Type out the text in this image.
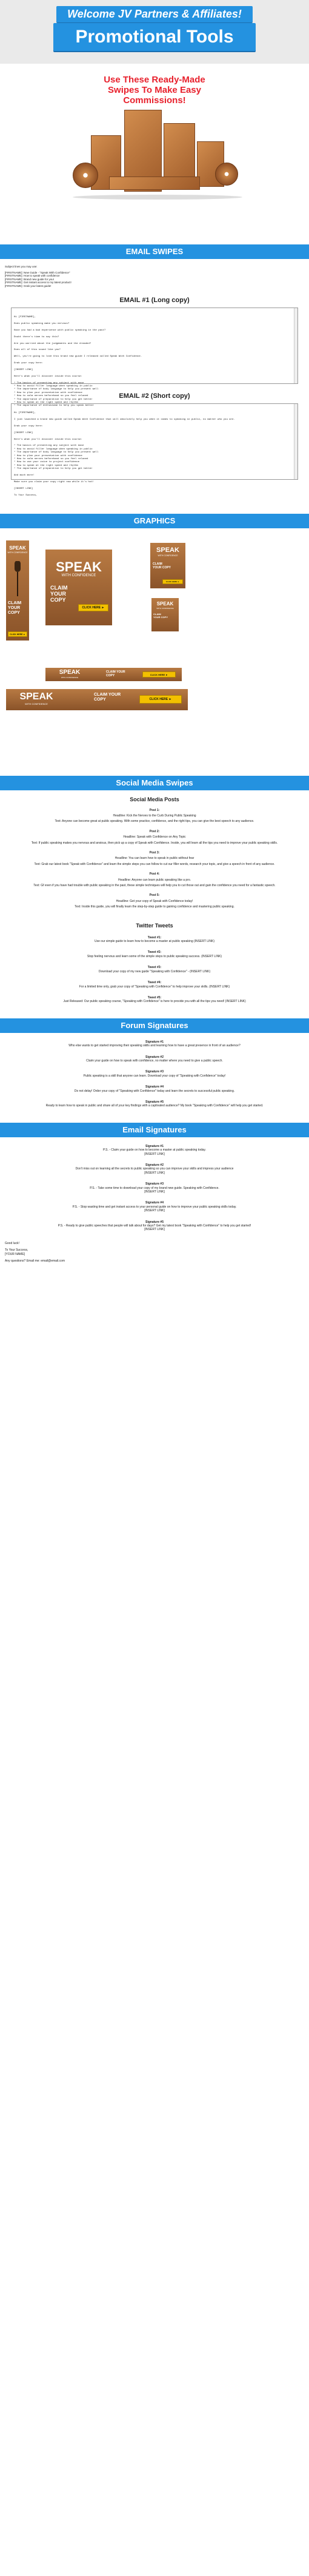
Welcome JV Partners & Affiliates!
Promotional Tools
Use These Ready-Made Swipes To Make Easy Commissions!
EMAIL SWIPES
Subject lines you may use:
[FIRSTNAME]: New Guide - "Speak With Confidence"
[FIRSTNAME]: How to speak with confidence
[FIRSTNAME]: Brand new guide for you!
[FIRSTNAME]: Get instant access to my latest product!
[FIRSTNAME]: Grab your latest guide!
EMAIL #1 (Long copy)

Hi [FIRSTNAME],

Does public speaking make you nervous?

Have you had a bad experience with public speaking in the past?

Doubt there's time to say this?

Are you worried about the judgements and the dreaded?

Does all of this sound like you?

Well, you're going to love this brand new guide I released called Speak With Confidence.

Grab your copy here:

[INSERT LINK]

Here's what you'll discover inside this course:

* The basics of presenting any subject with ease
* How to avoid filler language when speaking in public
* The importance of body language to help you present well
* How to plan your presentation with confidence
* How to calm nerves beforehand so you feel relaxed
* The importance of preparation to help you get better
* How to speak at the right speed and rhythm
* The importance of enthusiasm to help you speak better

EMAIL #2 (Short copy)

Hi [FIRSTNAME],

I just launched a brand new guide called Speak With Confidence that will absolutely help you when it comes to speaking in public, no matter who you are.

Grab your copy here:

[INSERT LINK]

Here's what you'll discover inside this course:

* The basics of presenting any subject with ease
* How to avoid filler language when speaking in public
* The importance of body language to help you present well
* How to plan your presentation with confidence
* How to calm nerves beforehand so you feel relaxed
* How to use your voice to project confidence
* How to speak at the right speed and rhythm
* The importance of preparation to help you get better

And much more!

Make sure you claim your copy right now while it's hot!

[INSERT LINK]

To Your Success,

GRAPHICS
SPEAK
WITH CONFIDENCE
CLAIM YOUR COPY
CLICK HERE ►
SPEAK
WITH CONFIDENCE
CLAIM YOUR COPY
CLICK HERE ►
SPEAK
WITH CONFIDENCE
CLAIM YOUR COPY
CLICK HERE ►
SPEAK
WITH CONFIDENCE
CLAIM YOUR COPY
SPEAK
WITH CONFIDENCE
CLAIM YOUR COPY	CLICK HERE ►
SPEAK
WITH CONFIDENCE
CLAIM YOUR COPY	CLICK HERE ►
Social Media Swipes
Social Media Posts
Post 1:
Headline: Kick the Nerves to the Curb During Public Speaking
Text: Anyone can become great at public speaking. With some practice, confidence, and the right tips, you can give the best speech to any audience.
Post 2:
Headline: Speak with Confidence on Any Topic
Text: If public speaking makes you nervous and anxious, then pick up a copy of Speak with Confidence. Inside, you will learn all the tips you need to improve your public speaking skills.
Post 3:
Headline: You can learn how to speak in public without fear
Text: Grab our latest book "Speak with Confidence" and learn the simple steps you can follow to cut our filler words, research your topic, and give a speech in front of any audience.
Post 4:
Headline: Anyone can learn public speaking like a pro.
Text: Gf even if you have had trouble with public speaking in the past, these simple techniques will help you to cut those out and gain the confidence you need for a fantastic speech.
Post 5:
Headline: Get your copy of Speak with Confidence today!
Text: Inside this guide, you will finally learn the step-by-step guide to gaining confidence and mastering public speaking.
Twitter Tweets
Tweet #1:
Use our simple guide to learn how to become a master at public speaking (INSERT LINK)
Tweet #2:
Stop feeling nervous and learn some of the simple steps to public speaking success. (INSERT LINK)
Tweet #3:
Download your copy of my new guide "Speaking with Confidence" - (INSERT LINK)
Tweet #4:
For a limited time only, grab your copy of "Speaking with Confidence" to help improve your skills. (INSERT LINK)
Tweet #5:
Just Released: Our public speaking course, "Speaking with Confidence" is here to provide you with all the tips you need! (INSERT LINK)
Forum Signatures
Signature #1
Who else wants to get started improving their speaking skills and learning how to have a great presence in front of an audience?
Signature #2
Claim your guide on how to speak with confidence, no matter where you need to give a public speech.
Signature #3
Public speaking is a skill that anyone can learn. Download your copy of "Speaking with Confidence" today!
Signature #4
Do not delay! Order your copy of "Speaking with Confidence" today and learn the secrets to successful public speaking.
Signature #5
Ready to learn how to speak in public and share all of your key findings with a captivated audience? My book "Speaking with Confidence" will help you get started.
Email Signatures
Signature #1
P.S. - Claim your guide on how to become a master at public speaking today.
[INSERT LINK]
Signature #2
Don't miss out on learning all the secrets to public speaking so you can improve your skills and impress your audience
[INSERT LINK]
Signature #3
P.S. - Take some time to download your copy of my brand new guide. Speaking with Confidence.
[INSERT LINK]
Signature #4
P.S. - Stop wasting time and get instant access to your personal guide on how to improve your public speaking skills today.
[INSERT LINK]
Signature #5
P.S. - Ready to give public speeches that people will talk about for days? Get my latest book "Speaking with Confidence" to help you get started!
[INSERT LINK]
Good luck!
To Your Success,
[YOUR NAME]
Any questions? Email me: email@email.com
